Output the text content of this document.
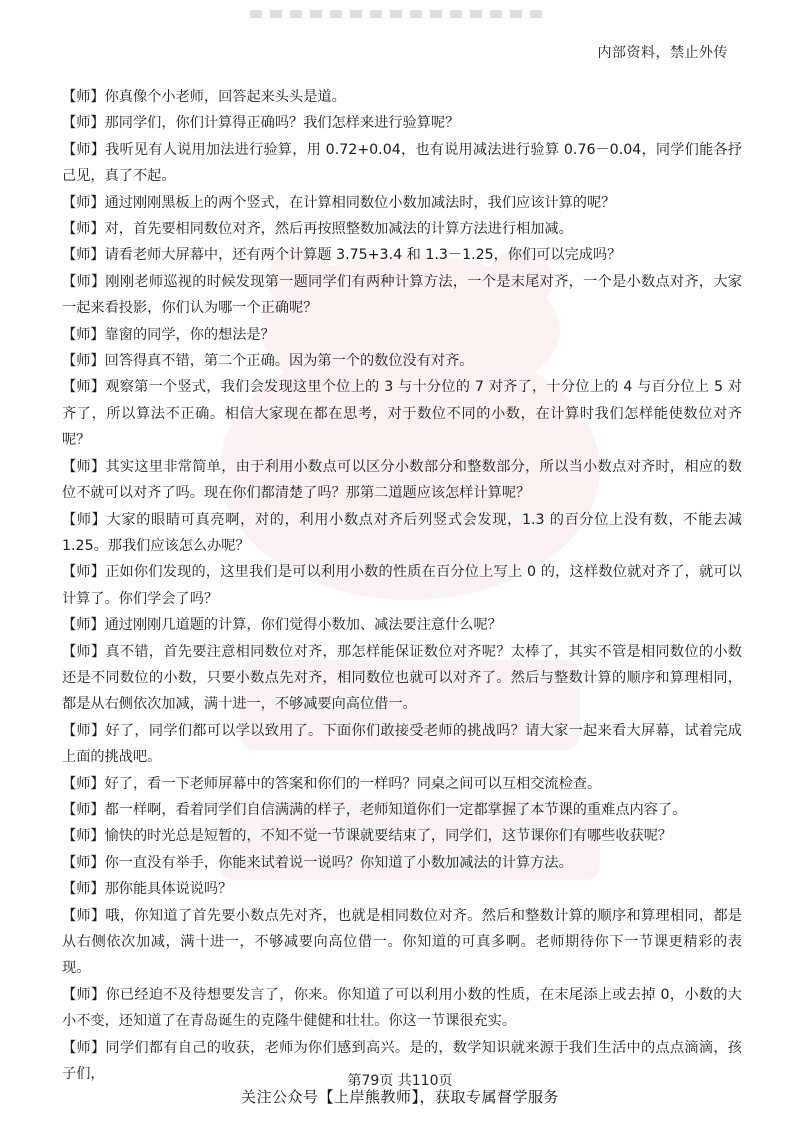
内部资料，禁止外传

【师】你真像个小老师，回答起来头头是道。

【师】那同学们，你们计算得正确吗？我们怎样来进行验算呢？

【师】我听见有人说用加法进行验算，用 0.72+0.04，也有说用减法进行验算 0.76－0.04，同学们能各抒己见，真了不起。

【师】通过刚刚黑板上的两个竖式，在计算相同数位小数加减法时，我们应该计算的呢？

【师】对，首先要相同数位对齐，然后再按照整数加减法的计算方法进行相加减。

【师】请看老师大屏幕中，还有两个计算题 3.75+3.4 和 1.3－1.25，你们可以完成吗？

【师】刚刚老师巡视的时候发现第一题同学们有两种计算方法，一个是末尾对齐，一个是小数点对齐，大家一起来看投影，你们认为哪一个正确呢？

【师】靠窗的同学，你的想法是？

【师】回答得真不错，第二个正确。因为第一个的数位没有对齐。

【师】观察第一个竖式，我们会发现这里个位上的 3 与十分位的 7 对齐了，十分位上的 4 与百分位上 5 对齐了，所以算法不正确。相信大家现在都在思考，对于数位不同的小数，在计算时我们怎样能使数位对齐呢？

【师】其实这里非常简单，由于利用小数点可以区分小数部分和整数部分，所以当小数点对齐时，相应的数位不就可以对齐了吗。现在你们都清楚了吗？那第二道题应该怎样计算呢？

【师】大家的眼睛可真亮啊，对的，利用小数点对齐后列竖式会发现，1.3 的百分位上没有数，不能去减 1.25。那我们应该怎么办呢？

【师】正如你们发现的，这里我们是可以利用小数的性质在百分位上写上 0 的，这样数位就对齐了，就可以计算了。你们学会了吗？

【师】通过刚刚几道题的计算，你们觉得小数加、减法要注意什么呢？

【师】真不错，首先要注意相同数位对齐，那怎样能保证数位对齐呢？太棒了，其实不管是相同数位的小数还是不同数位的小数，只要小数点先对齐，相同数位也就可以对齐了。然后与整数计算的顺序和算理相同，都是从右侧依次加减，满十进一，不够减要向高位借一。

【师】好了，同学们都可以学以致用了。下面你们敢接受老师的挑战吗？请大家一起来看大屏幕，试着完成上面的挑战吧。

【师】好了，看一下老师屏幕中的答案和你们的一样吗？同桌之间可以互相交流检查。

【师】都一样啊，看着同学们自信满满的样子，老师知道你们一定都掌握了本节课的重难点内容了。

【师】愉快的时光总是短暂的，不知不觉一节课就要结束了，同学们，这节课你们有哪些收获呢？

【师】你一直没有举手，你能来试着说一说吗？你知道了小数加减法的计算方法。

【师】那你能具体说说吗？

【师】哦，你知道了首先要小数点先对齐，也就是相同数位对齐。然后和整数计算的顺序和算理相同，都是从右侧依次加减，满十进一，不够减要向高位借一。你知道的可真多啊。老师期待你下一节课更精彩的表现。

【师】你已经迫不及待想要发言了，你来。你知道了可以利用小数的性质，在末尾添上或去掉 0，小数的大小不变，还知道了在青岛诞生的克隆牛健健和壮壮。你这一节课很充实。

【师】同学们都有自己的收获，老师为你们感到高兴。是的，数学知识就来源于我们生活中的点点滴滴，孩子们，	第79页 共110页
关注公众号【上岸熊教师】，获取专属督学服务
